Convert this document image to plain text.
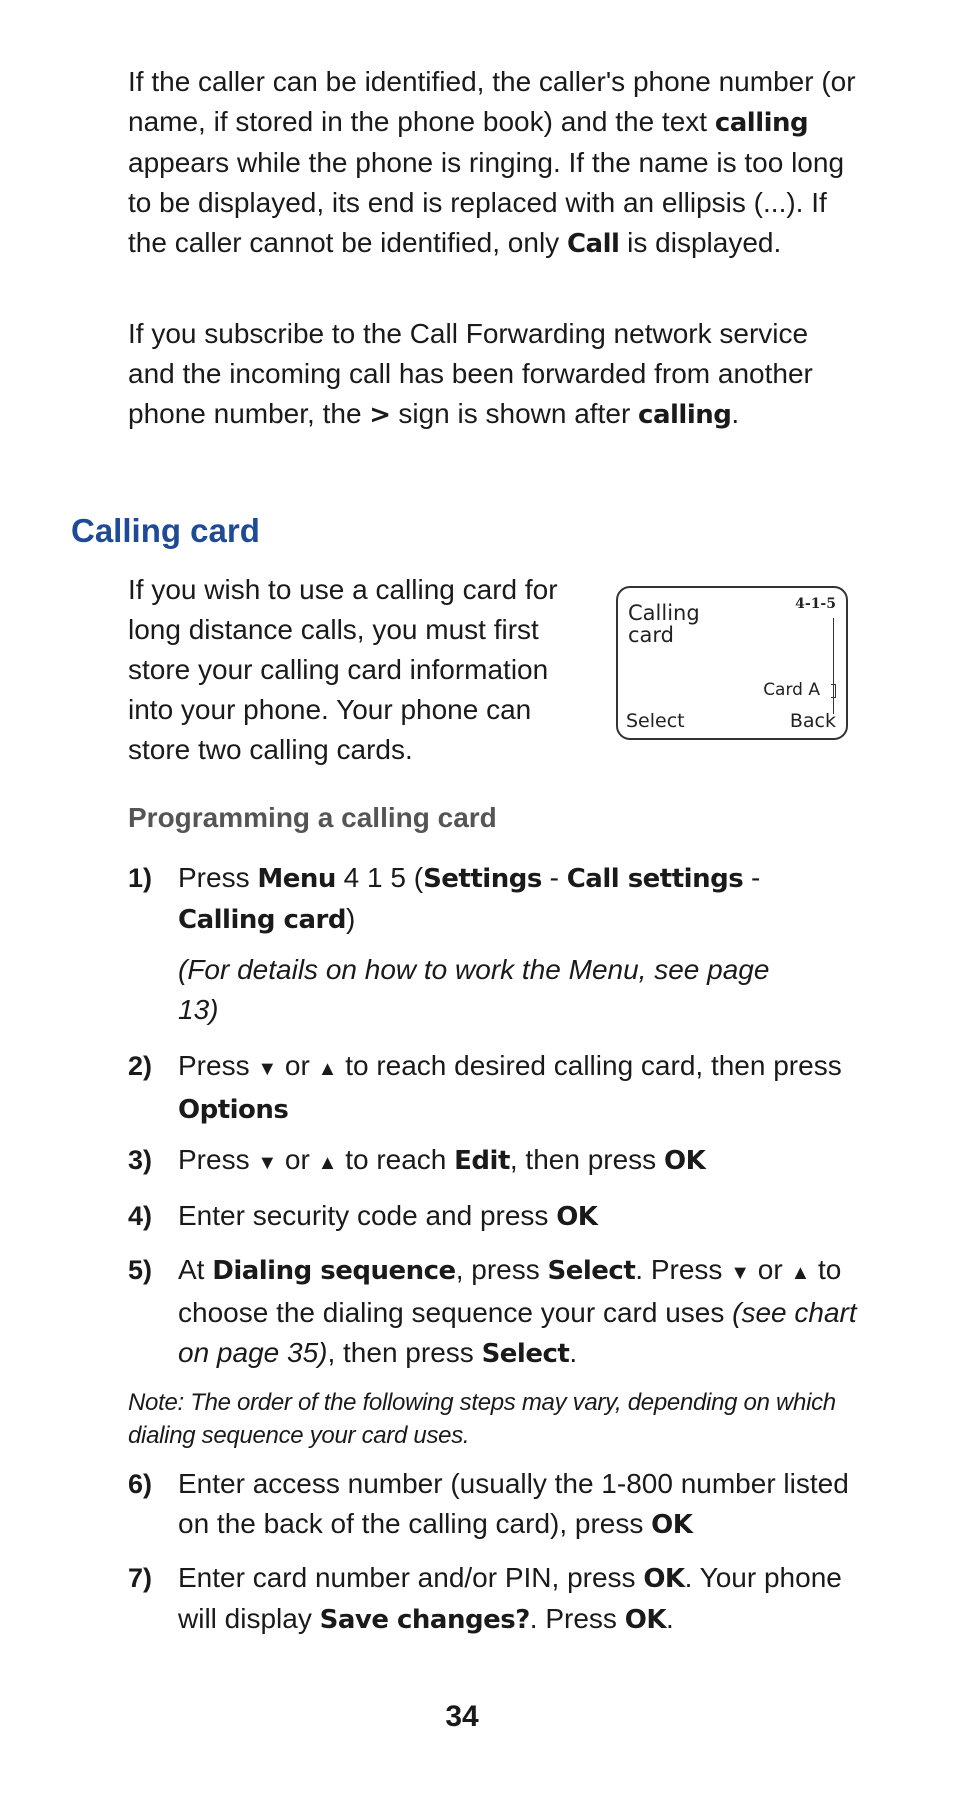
If the caller can be identified, the caller's phone number (or name, if stored in the phone book) and the text calling appears while the phone is ringing. If the name is too long to be displayed, its end is replaced with an ellipsis (...). If the caller cannot be identified, only Call is displayed.

If you subscribe to the Call Forwarding network service and the incoming call has been forwarded from another phone number, the > sign is shown after calling.

Calling card

If you wish to use a calling card for long distance calls, you must first store your calling card information into your phone. Your phone can store two calling cards.

4-1-5
Calling card
Card A
Select	Back
Programming a calling card
1) Press Menu 4 1 5 (Settings - Call settings - Calling card)
(For details on how to work the Menu, see page 13)
2) Press ▼ or ▲ to reach desired calling card, then press Options
3) Press ▼ or ▲ to reach Edit, then press OK
4) Enter security code and press OK
5) At Dialing sequence, press Select. Press ▼ or ▲ to choose the dialing sequence your card uses (see chart on page 35), then press Select.
Note: The order of the following steps may vary, depending on which dialing sequence your card uses.
6) Enter access number (usually the 1-800 number listed on the back of the calling card), press OK
7) Enter card number and/or PIN, press OK. Your phone will display Save changes?. Press OK.
34
